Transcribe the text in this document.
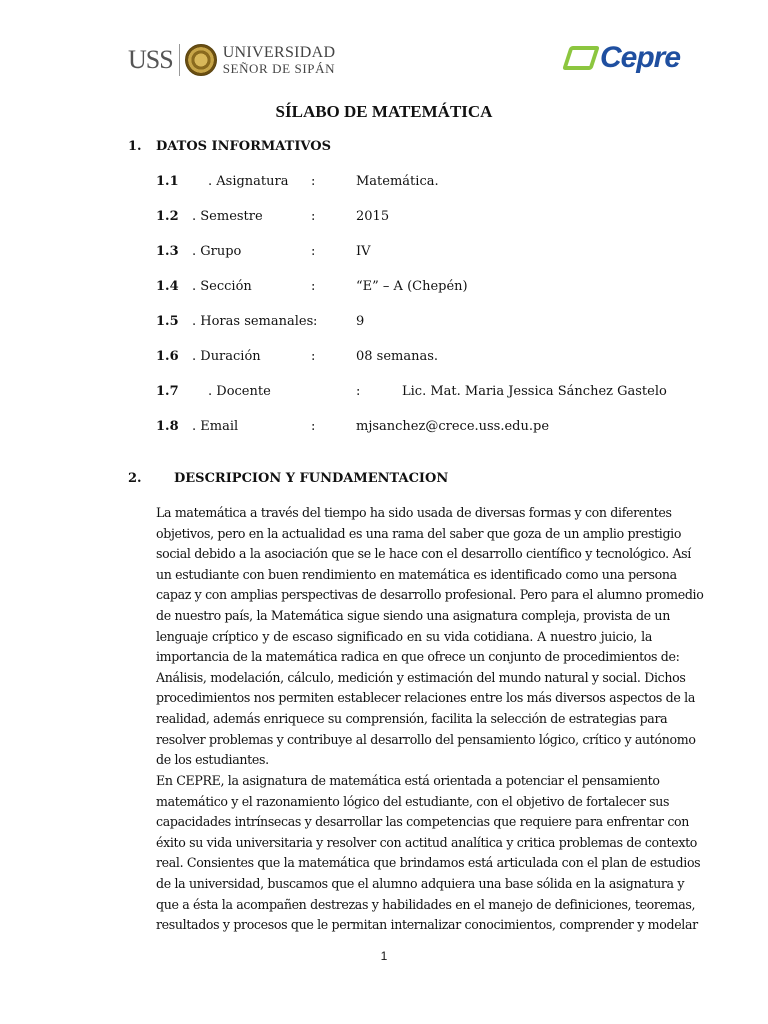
USS	UNIVERSIDAD
SEÑOR DE SIPÁN	Cepre
SÍLABO DE MATEMÁTICA
1. DATOS INFORMATIVOS
1.1 . Asignatura :	Matemática.
1.2 . Semestre	:	2015
1.3 . Grupo	:	IV
1.4 . Sección	:	“E” – A (Chepén)
1.5 . Horas semanales :	9
1.6 . Duración	:	08 semanas.
1.7 . Docente	:	Lic. Mat. Maria Jessica Sánchez Gastelo
1.8 . Email	:	mjsanchez@crece.uss.edu.pe
2. DESCRIPCION Y FUNDAMENTACION
La matemática a través del tiempo ha sido usada de diversas formas y con diferentes
objetivos, pero en la actualidad es una rama del saber que goza de un amplio prestigio
social debido a la asociación que se le hace con el desarrollo científico y tecnológico. Así
un estudiante con buen rendimiento en matemática es identificado como una persona
capaz y con amplias perspectivas de desarrollo profesional. Pero para el alumno promedio
de nuestro país, la Matemática sigue siendo una asignatura compleja, provista de un
lenguaje críptico y de escaso significado en su vida cotidiana. A nuestro juicio, la
importancia de la matemática radica en que ofrece un conjunto de procedimientos de:
Análisis, modelación, cálculo, medición y estimación del mundo natural y social. Dichos
procedimientos nos permiten establecer relaciones entre los más diversos aspectos de la
realidad, además enriquece su comprensión, facilita la selección de estrategias para
resolver problemas y contribuye al desarrollo del pensamiento lógico, crítico y autónomo
de los estudiantes.
En CEPRE, la asignatura de matemática está orientada a potenciar el pensamiento
matemático y el razonamiento lógico del estudiante, con el objetivo de fortalecer sus
capacidades intrínsecas y desarrollar las competencias que requiere para enfrentar con
éxito su vida universitaria y resolver con actitud analítica y critica problemas de contexto
real. Consientes que la matemática que brindamos está articulada con el plan de estudios
de la universidad, buscamos que el alumno adquiera una base sólida en la asignatura y
que a ésta la acompañen destrezas y habilidades en el manejo de definiciones, teoremas,
resultados y procesos que le permitan internalizar conocimientos, comprender y modelar
1
